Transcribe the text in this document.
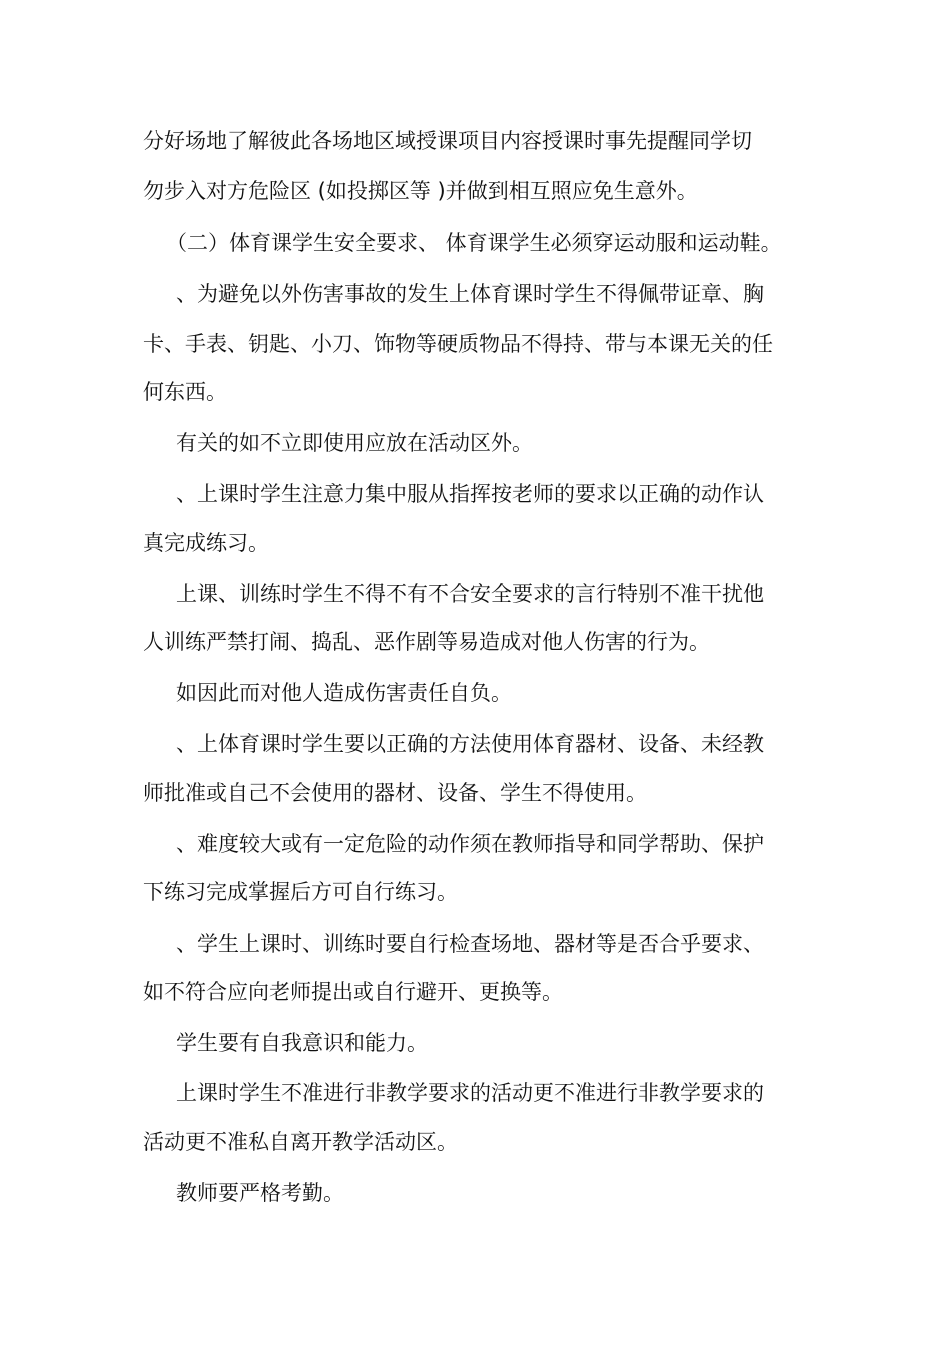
分好场地了解彼此各场地区域授课项目内容授课时事先提醒同学切
勿步入对方危险区 (如投掷区等 )并做到相互照应免生意外。
（二）体育课学生安全要求、 体育课学生必须穿运动服和运动鞋。
、为避免以外伤害事故的发生上体育课时学生不得佩带证章、胸
卡、手表、钥匙、小刀、饰物等硬质物品不得持、带与本课无关的任
何东西。
有关的如不立即使用应放在活动区外。
、上课时学生注意力集中服从指挥按老师的要求以正确的动作认
真完成练习。
上课、训练时学生不得不有不合安全要求的言行特别不准干扰他
人训练严禁打闹、捣乱、恶作剧等易造成对他人伤害的行为。
如因此而对他人造成伤害责任自负。
、上体育课时学生要以正确的方法使用体育器材、设备、未经教
师批准或自己不会使用的器材、设备、学生不得使用。
、难度较大或有一定危险的动作须在教师指导和同学帮助、保护
下练习完成掌握后方可自行练习。
、学生上课时、训练时要自行检查场地、器材等是否合乎要求、
如不符合应向老师提出或自行避开、更换等。
学生要有自我意识和能力。
上课时学生不准进行非教学要求的活动更不准进行非教学要求的
活动更不准私自离开教学活动区。
教师要严格考勤。
